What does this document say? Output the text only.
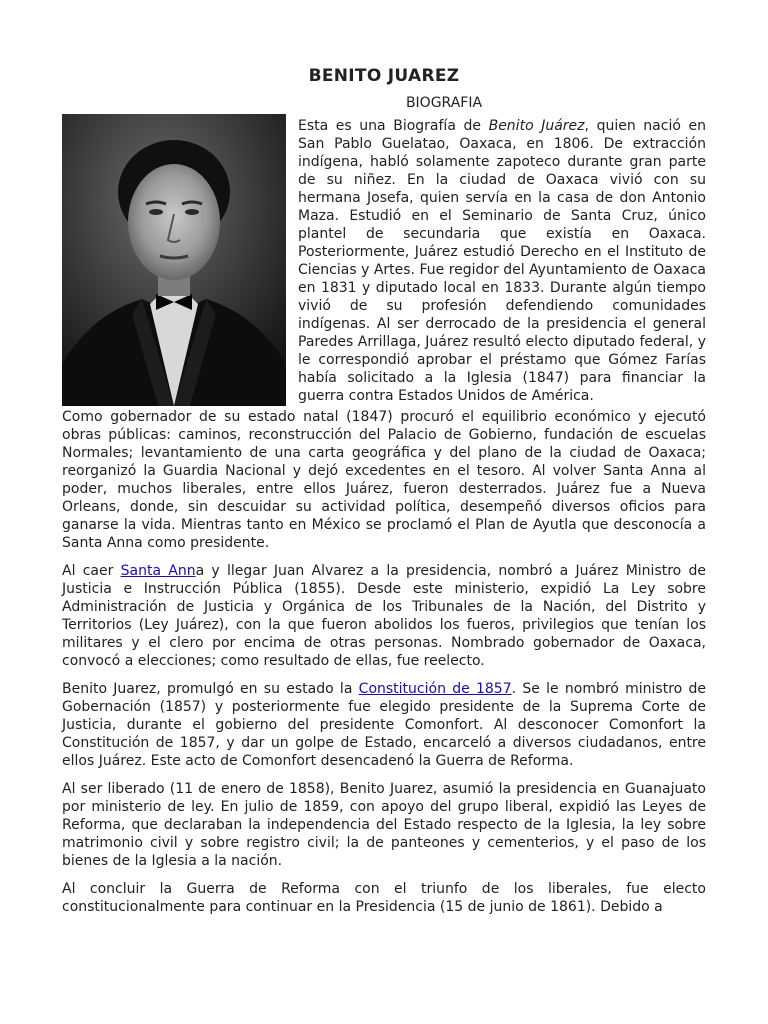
BENITO JUAREZ
BIOGRAFIA

Esta es una Biografía de Benito Juárez, quien nació en San Pablo Guelatao, Oaxaca, en 1806. De extracción indígena, habló solamente zapoteco durante gran parte de su niñez. En la ciudad de Oaxaca vivió con su hermana Josefa, quien servía en la casa de don Antonio Maza. Estudió en el Seminario de Santa Cruz, único plantel de secundaria que existía en Oaxaca. Posteriormente, Juárez estudió Derecho en el Instituto de Ciencias y Artes. Fue regidor del Ayuntamiento de Oaxaca en 1831 y diputado local en 1833. Durante algún tiempo vivió de su profesión defendiendo comunidades indígenas. Al ser derrocado de la presidencia el general Paredes Arrillaga, Juárez resultó electo diputado federal, y le correspondió aprobar el préstamo que Gómez Farías había solicitado a la Iglesia (1847) para financiar la guerra contra Estados Unidos de América.

Como gobernador de su estado natal (1847) procuró el equilibrio económico y ejecutó obras públicas: caminos, reconstrucción del Palacio de Gobierno, fundación de escuelas Normales; levantamiento de una carta geográfica y del plano de la ciudad de Oaxaca; reorganizó la Guardia Nacional y dejó excedentes en el tesoro. Al volver Santa Anna al poder, muchos liberales, entre ellos Juárez, fueron desterrados. Juárez fue a Nueva Orleans, donde, sin descuidar su actividad política, desempeñó diversos oficios para ganarse la vida. Mientras tanto en México se proclamó el Plan de Ayutla que desconocía a Santa Anna como presidente.

Al caer Santa Anna y llegar Juan Alvarez a la presidencia, nombró a Juárez Ministro de Justicia e Instrucción Pública (1855). Desde este ministerio, expidió La Ley sobre Administración de Justicia y Orgánica de los Tribunales de la Nación, del Distrito y Territorios (Ley Juárez), con la que fueron abolidos los fueros, privilegios que tenían los militares y el clero por encima de otras personas. Nombrado gobernador de Oaxaca, convocó a elecciones; como resultado de ellas, fue reelecto.

Benito Juarez, promulgó en su estado la Constitución de 1857. Se le nombró ministro de Gobernación (1857) y posteriormente fue elegido presidente de la Suprema Corte de Justicia, durante el gobierno del presidente Comonfort. Al desconocer Comonfort la Constitución de 1857, y dar un golpe de Estado, encarceló a diversos ciudadanos, entre ellos Juárez. Este acto de Comonfort desencadenó la Guerra de Reforma.

Al ser liberado (11 de enero de 1858), Benito Juarez, asumió la presidencia en Guanajuato por ministerio de ley. En julio de 1859, con apoyo del grupo liberal, expidió las Leyes de Reforma, que declaraban la independencia del Estado respecto de la Iglesia, la ley sobre matrimonio civil y sobre registro civil; la de panteones y cementerios, y el paso de los bienes de la Iglesia a la nación.

Al concluir la Guerra de Reforma con el triunfo de los liberales, fue electo constitucionalmente para continuar en la Presidencia (15 de junio de 1861). Debido a
